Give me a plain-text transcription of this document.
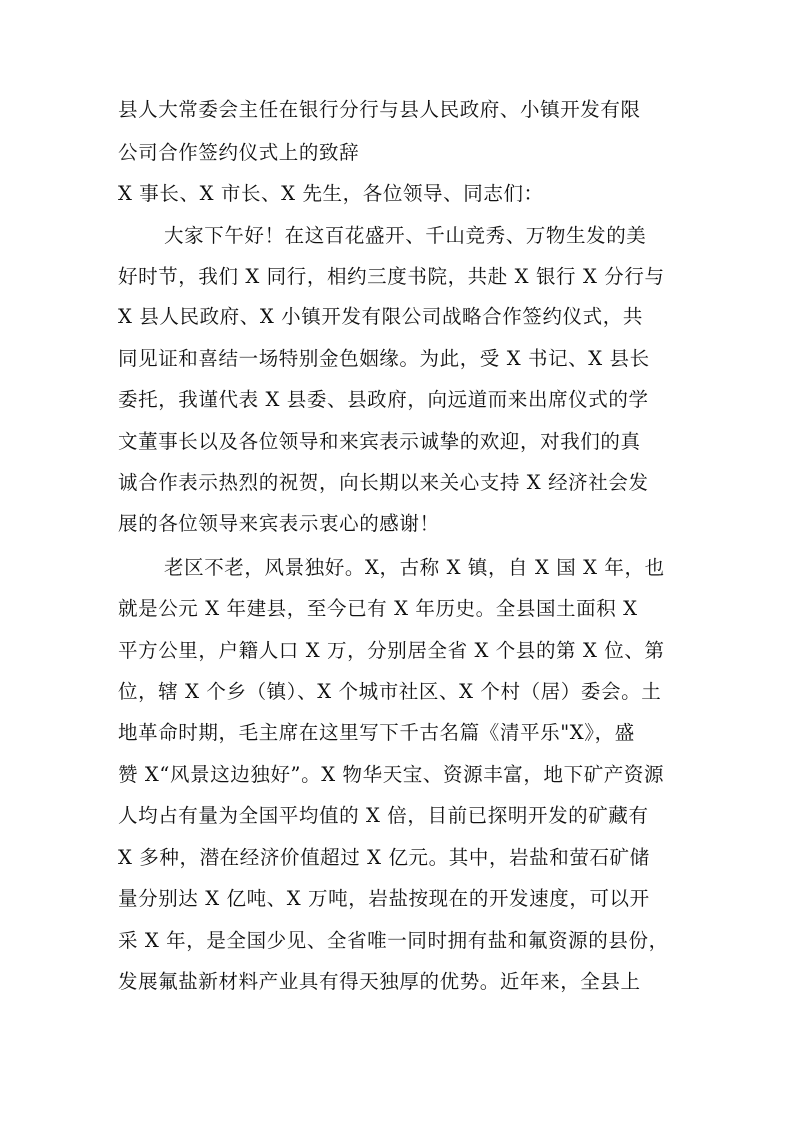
县人大常委会主任在银行分行与县人民政府、小镇开发有限
公司合作签约仪式上的致辞
X 事长、X 市长、X 先生，各位领导、同志们：
大家下午好！在这百花盛开、千山竞秀、万物生发的美
好时节，我们 X 同行，相约三度书院，共赴 X 银行 X 分行与
X 县人民政府、X 小镇开发有限公司战略合作签约仪式，共
同见证和喜结一场特别金色姻缘。为此，受 X 书记、X 县长
委托，我谨代表 X 县委、县政府，向远道而来出席仪式的学
文董事长以及各位领导和来宾表示诚挚的欢迎，对我们的真
诚合作表示热烈的祝贺，向长期以来关心支持 X 经济社会发
展的各位领导来宾表示衷心的感谢！
老区不老，风景独好。X，古称 X 镇，自 X 国 X 年，也
就是公元 X 年建县，至今已有 X 年历史。全县国土面积 X
平方公里，户籍人口 X 万，分别居全省 X 个县的第 X 位、第
位，辖 X 个乡（镇）、X 个城市社区、X 个村（居）委会。土
地革命时期，毛主席在这里写下千古名篇《清平乐"X》，盛
赞 X“风景这边独好”。X 物华天宝、资源丰富，地下矿产资源
人均占有量为全国平均值的 X 倍，目前已探明开发的矿藏有
X 多种，潜在经济价值超过 X 亿元。其中，岩盐和萤石矿储
量分别达 X 亿吨、X 万吨，岩盐按现在的开发速度，可以开
采 X 年，是全国少见、全省唯一同时拥有盐和氟资源的县份，
发展氟盐新材料产业具有得天独厚的优势。近年来，全县上
